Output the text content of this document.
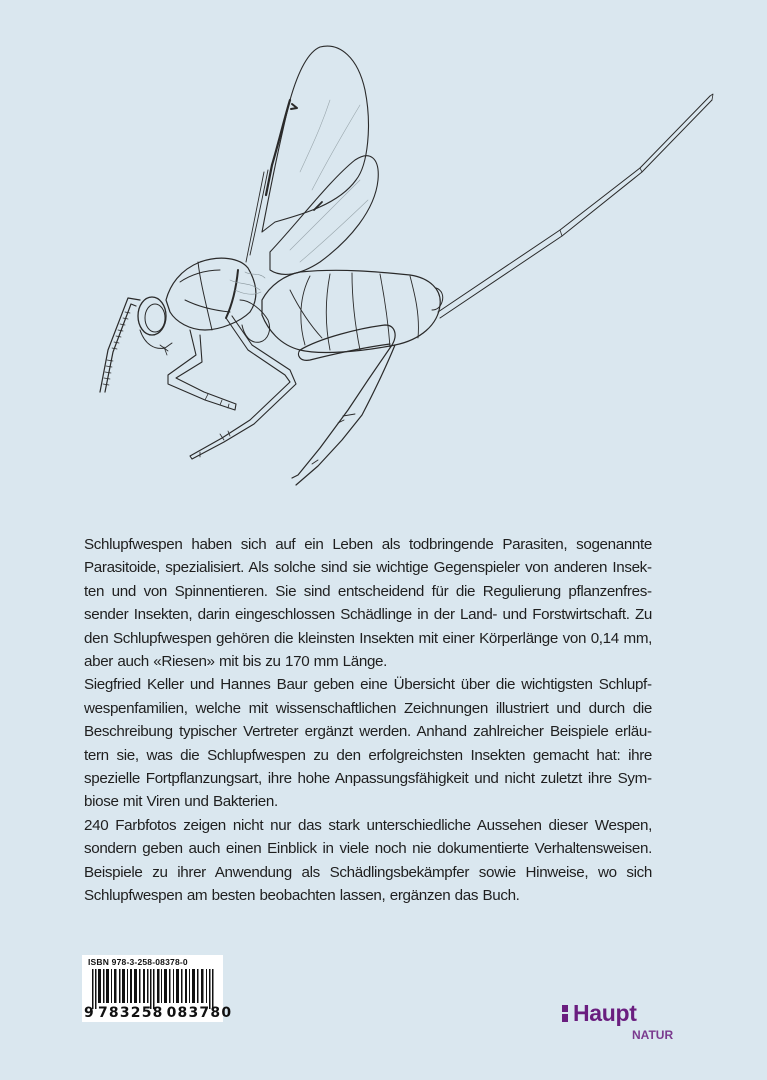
Schlupfwespen haben sich auf ein Leben als todbringende Parasiten, sogenannte Parasitoide, spezialisiert. Als solche sind sie wichtige Gegenspieler von anderen Insekten und von Spinnentieren. Sie sind entscheidend für die Regulierung pflanzenfressender Insekten, darin eingeschlossen Schädlinge in der Land- und Forstwirtschaft. Zu den Schlupfwespen gehören die kleinsten Insekten mit einer Körperlänge von 0,14 mm, aber auch «Riesen» mit bis zu 170 mm Länge.

Siegfried Keller und Hannes Baur geben eine Übersicht über die wichtigsten Schlupfwespenfamilien, welche mit wissenschaftlichen Zeichnungen illustriert und durch die Beschreibung typischer Vertreter ergänzt werden. Anhand zahlreicher Beispiele erläutern sie, was die Schlupfwespen zu den erfolgreichsten Insekten gemacht hat: ihre spezielle Fortpflanzungsart, ihre hohe Anpassungsfähigkeit und nicht zuletzt ihre Symbiose mit Viren und Bakterien.

240 Farbfotos zeigen nicht nur das stark unterschiedliche Aussehen dieser Wespen, sondern geben auch einen Einblick in viele noch nie dokumentierte Verhaltensweisen. Beispiele zu ihrer Anwendung als Schädlingsbekämpfer sowie Hinweise, wo sich Schlupfwespen am besten beobachten lassen, ergänzen das Buch.

ISBN 978-3-258-08378-0
9 783258 083780	Haupt
NATUR
